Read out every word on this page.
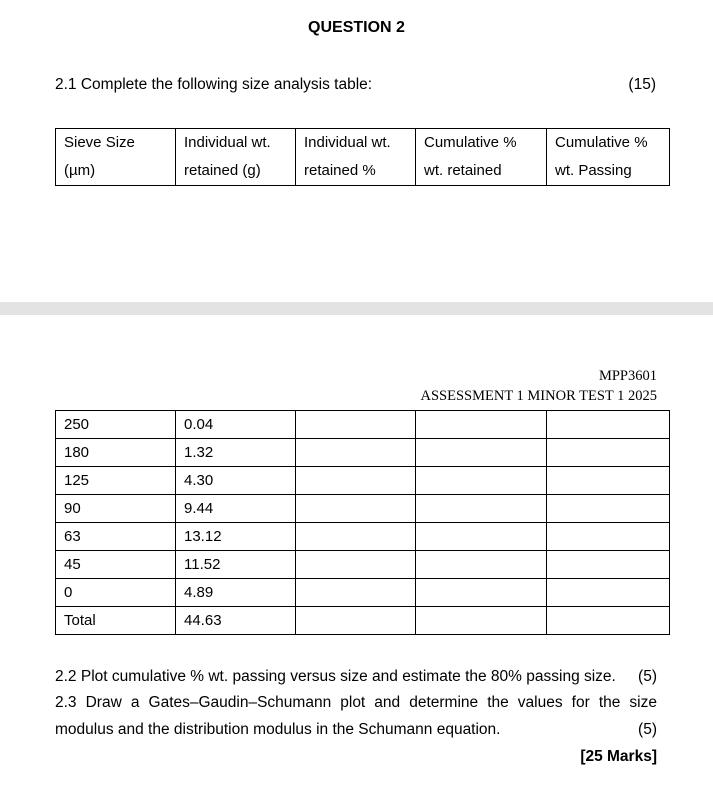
QUESTION 2
2.1 Complete the following size analysis table:	(15)
Sieve Size
(µm)

Individual wt.
retained (g)

Individual wt.
retained %

Cumulative %
wt. retained

Cumulative %
wt. Passing
MPP3601
ASSESSMENT 1 MINOR TEST 1 2025
250	0.04			
180	1.32			
125	4.30			
90	9.44			
63	13.12			
45	11.52			
0	4.89			
Total	44.63			
2.2 Plot cumulative % wt. passing versus size and estimate the 80% passing size. (5)
2.3 Draw a Gates–Gaudin–Schumann plot and determine the values for the size
modulus and the distribution modulus in the Schumann equation.	(5)
[25 Marks]
